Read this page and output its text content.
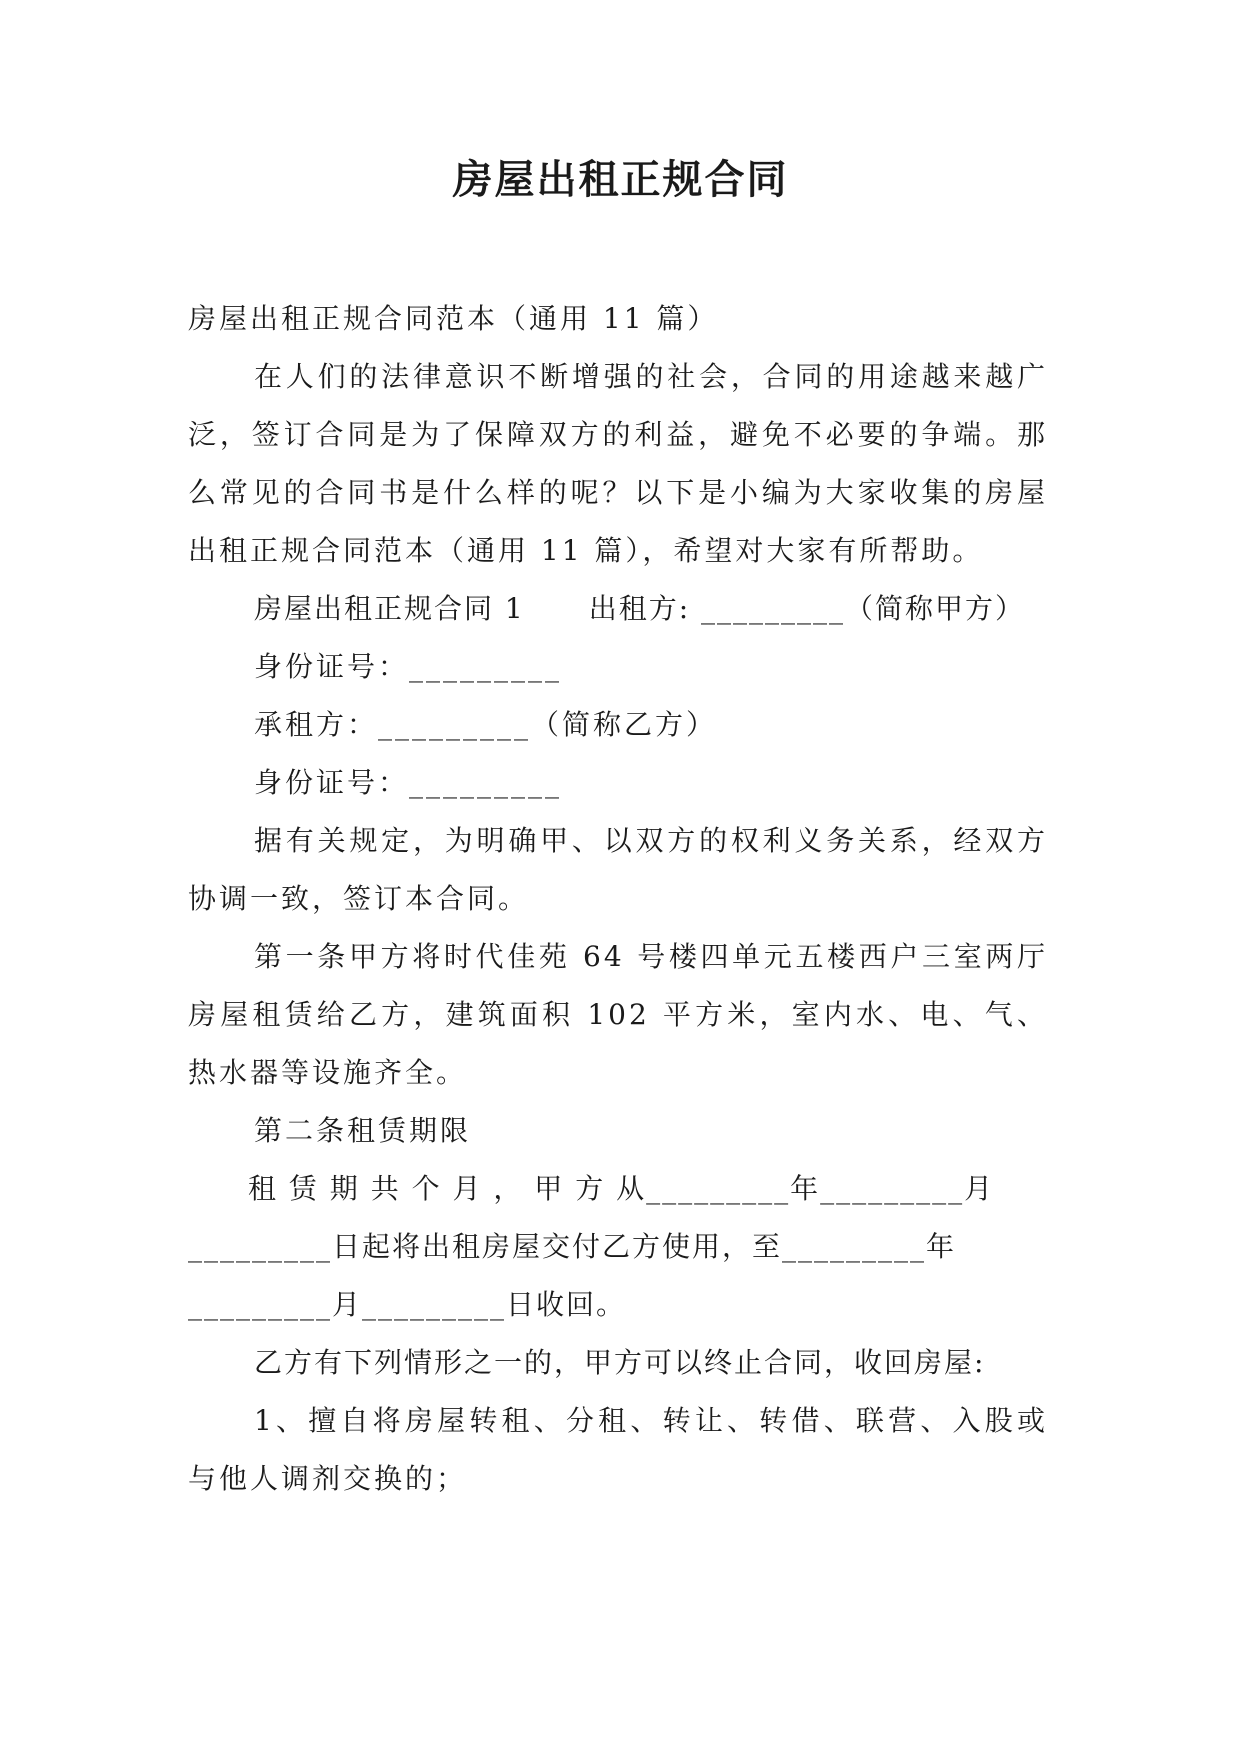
房屋出租正规合同

房屋出租正规合同范本（通用 11 篇）

在人们的法律意识不断增强的社会，合同的用途越来越广泛，签订合同是为了保障双方的利益，避免不必要的争端。那么常见的合同书是什么样的呢？以下是小编为大家收集的房屋出租正规合同范本（通用 11 篇），希望对大家有所帮助。

房屋出租正规合同 1 出租方: _________（简称甲方）

身份证号：_________

承租方：_________（简称乙方）

身份证号：_________

据有关规定，为明确甲、以双方的权利义务关系，经双方协调一致，签订本合同。

第一条甲方将时代佳苑 64 号楼四单元五楼西户三室两厅房屋租赁给乙方，建筑面积 102 平方米，室内水、电、气、热水器等设施齐全。

第二条租赁期限

租 赁 期 共 个 月 ， 甲 方 从_________年_________月
_________日起将出租房屋交付乙方使用，至_________年
_________月_________日收回。

乙方有下列情形之一的，甲方可以终止合同，收回房屋:

1、擅自将房屋转租、分租、转让、转借、联营、入股或与他人调剂交换的；
